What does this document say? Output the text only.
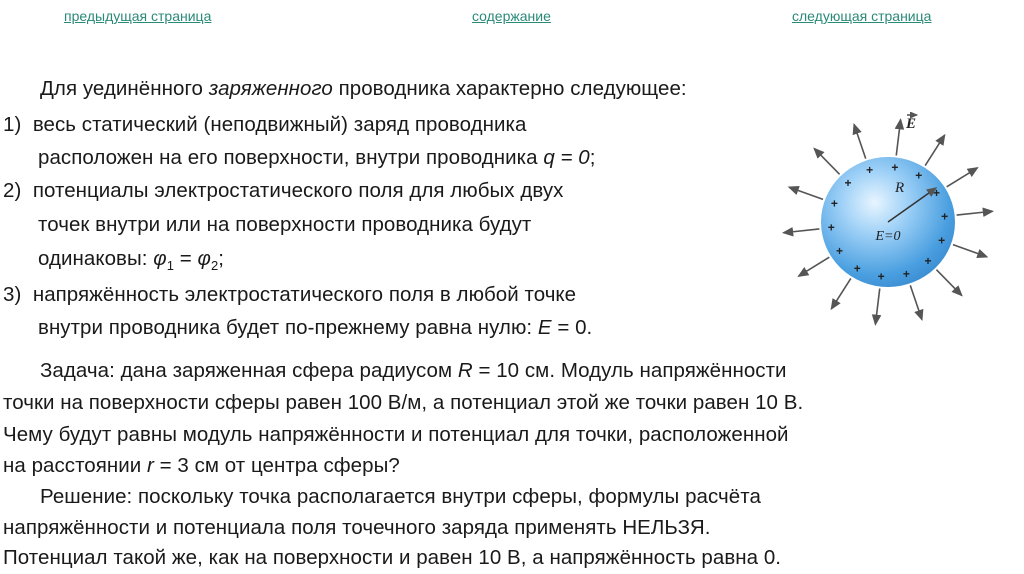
предыдущая страница	содержание	следующая страница
Для уединённого заряженного проводника характерно следующее:
1) весь статический (неподвижный) заряд проводника
расположен на его поверхности, внутри проводника q = 0;
2) потенциалы электростатического поля для любых двух
точек внутри или на поверхности проводника будут
одинаковы: $\varphi_1 = \varphi_2$;
3) напряжённость электростатического поля в любой точке
внутри проводника будет по-прежнему равна нулю: E = 0.
+
+
+
+
+
+
+
+
+
+
+
+
+
+
R
E=0
E
Задача: дана заряженная сфера радиусом R = 10 см. Модуль напряжённости
точки на поверхности сферы равен 100 В/м, а потенциал этой же точки равен 10 В.
Чему будут равны модуль напряжённости и потенциал для точки, расположенной
на расстоянии r = 3 см от центра сферы?
Решение: поскольку точка располагается внутри сферы, формулы расчёта
напряжённости и потенциала поля точечного заряда применять НЕЛЬЗЯ.
Потенциал такой же, как на поверхности и равен 10 В, а напряжённость равна 0.
